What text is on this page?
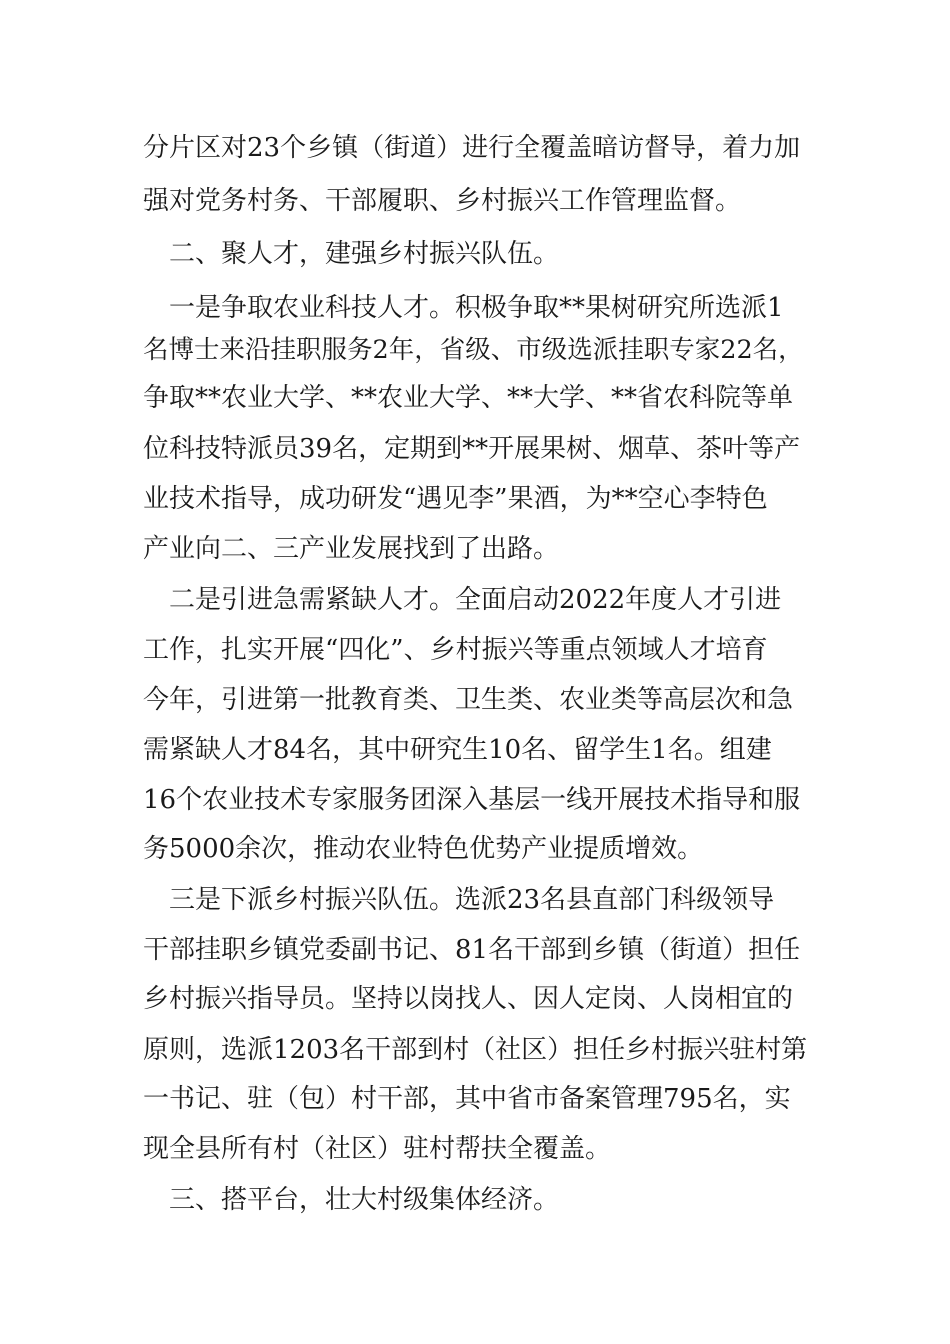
分片区对23个乡镇（街道）进行全覆盖暗访督导，着力加
强对党务村务、干部履职、乡村振兴工作管理监督。
　二、聚人才，建强乡村振兴队伍。
　一是争取农业科技人才。积极争取**果树研究所选派1
名博士来沿挂职服务2年，省级、市级选派挂职专家22名，
争取**农业大学、**农业大学、**大学、**省农科院等单
位科技特派员39名，定期到**开展果树、烟草、茶叶等产
业技术指导，成功研发“遇见李”果酒，为**空心李特色
产业向二、三产业发展找到了出路。
　二是引进急需紧缺人才。全面启动2022年度人才引进
工作，扎实开展“四化”、乡村振兴等重点领域人才培育
今年，引进第一批教育类、卫生类、农业类等高层次和急
需紧缺人才84名，其中研究生10名、留学生1名。组建
16个农业技术专家服务团深入基层一线开展技术指导和服
务5000余次，推动农业特色优势产业提质增效。
　三是下派乡村振兴队伍。选派23名县直部门科级领导
干部挂职乡镇党委副书记、81名干部到乡镇（街道）担任
乡村振兴指导员。坚持以岗找人、因人定岗、人岗相宜的
原则，选派1203名干部到村（社区）担任乡村振兴驻村第
一书记、驻（包）村干部，其中省市备案管理795名，实
现全县所有村（社区）驻村帮扶全覆盖。
　三、搭平台，壮大村级集体经济。
